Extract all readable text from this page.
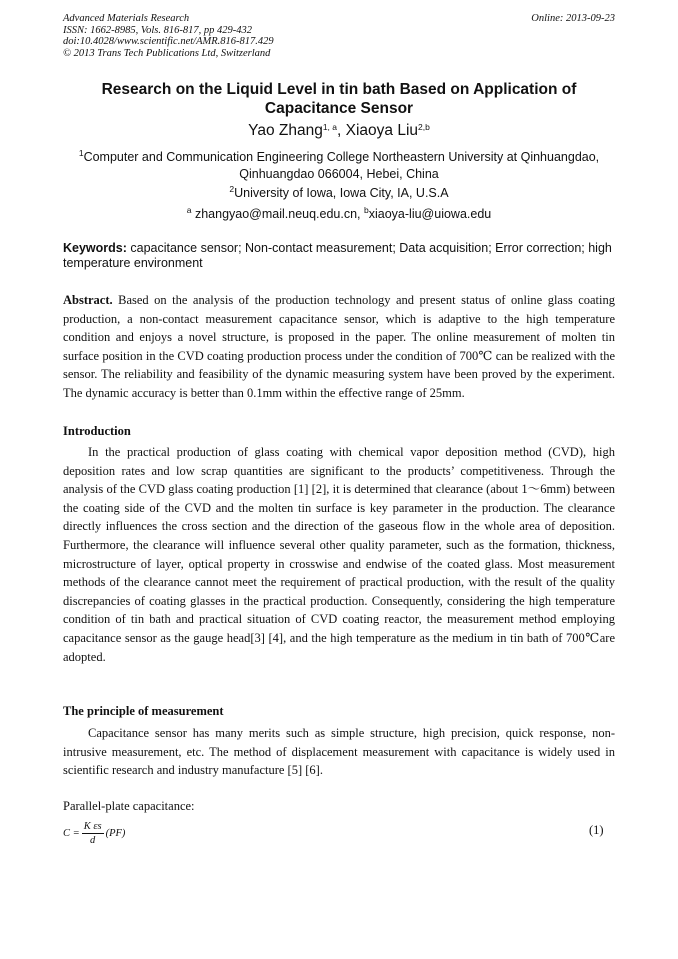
Advanced Materials Research
ISSN: 1662-8985, Vols. 816-817, pp 429-432
doi:10.4028/www.scientific.net/AMR.816-817.429
© 2013 Trans Tech Publications Ltd, Switzerland
Online: 2013-09-23
Research on the Liquid Level in tin bath Based on Application of Capacitance Sensor
Yao Zhang$^{1, a}$, Xiaoya Liu$^{2,b}$
$^1$Computer and Communication Engineering College Northeastern University at Qinhuangdao,
Qinhuangdao 066004, Hebei, China
$^2$University of Iowa, Iowa City, IA, U.S.A
$^a$ zhangyao@mail.neuq.edu.cn, $^b$xiaoya-liu@uiowa.edu
Keywords: capacitance sensor; Non-contact measurement; Data acquisition; Error correction; high temperature environment

Abstract. Based on the analysis of the production technology and present status of online glass coating production, a non-contact measurement capacitance sensor, which is adaptive to the high temperature condition and enjoys a novel structure, is proposed in the paper. The online measurement of molten tin surface position in the CVD coating production process under the condition of 700℃ can be realized with the sensor. The reliability and feasibility of the dynamic measuring system have been proved by the experiment. The dynamic accuracy is better than 0.1mm within the effective range of 25mm.

Introduction

In the practical production of glass coating with chemical vapor deposition method (CVD), high deposition rates and low scrap quantities are significant to the products’ competitiveness. Through the analysis of the CVD glass coating production [1] [2], it is determined that clearance (about 1～6mm) between the coating side of the CVD and the molten tin surface is key parameter in the production. The clearance directly influences the cross section and the direction of the gaseous flow in the whole area of deposition. Furthermore, the clearance will influence several other quality parameter, such as the formation, thickness, microstructure of layer, optical property in crosswise and endwise of the coated glass. Most measurement methods of the clearance cannot meet the requirement of practical production, with the result of the quality discrepancies of coating glasses in the practical production. Consequently, considering the high temperature condition of tin bath and practical situation of CVD coating reactor, the measurement method employing capacitance sensor as the gauge head[3] [4], and the high temperature as the medium in tin bath of 700℃are adopted.

The principle of measurement

Capacitance sensor has many merits such as simple structure, high precision, quick response, non-intrusive measurement, etc. The method of displacement measurement with capacitance is widely used in scientific research and industry manufacture [5] [6].

Parallel-plate capacitance:
$C = \frac{\text{K εs}}{d} (PF)$	(1)
